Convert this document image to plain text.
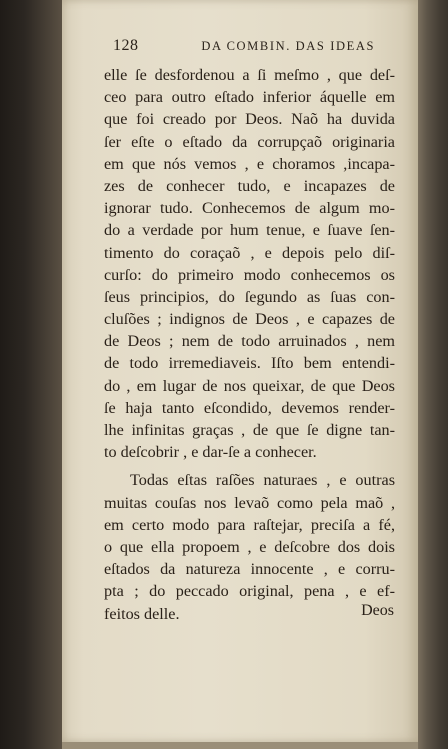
128	DA COMBIN. DAS IDEAS
elle ſe desfordenou a ſi meſmo , que deſ-
ceo para outro eſtado inferior áquelle em
que foi creado por Deos. Naõ ha duvida
ſer eſte o eſtado da corrupçaõ originaria
em que nós vemos , e choramos ,incapa-
zes de conhecer tudo, e incapazes de
ignorar tudo. Conhecemos de algum mo-
do a verdade por hum tenue, e ſuave ſen-
timento do coraçaõ , e depois pelo diſ-
curſo: do primeiro modo conhecemos os
ſeus principios, do ſegundo as ſuas con-
cluſões ; indignos de Deos , e capazes de
de Deos ; nem de todo arruinados , nem
de todo irremediaveis. Iſto bem entendi-
do , em lugar de nos queixar, de que Deos
ſe haja tanto eſcondido, devemos render-
lhe infinitas graças , de que ſe digne tan-
to deſcobrir , e dar-ſe a conhecer.
Todas eſtas raſões naturaes , e outras
muitas couſas nos levaõ como pela maõ ,
em certo modo para raſtejar, preciſa a fé,
o que ella propoem , e deſcobre dos dois
eſtados da natureza innocente , e corru-
pta ; do peccado original, pena , e ef-
feitos delle.	Deos
